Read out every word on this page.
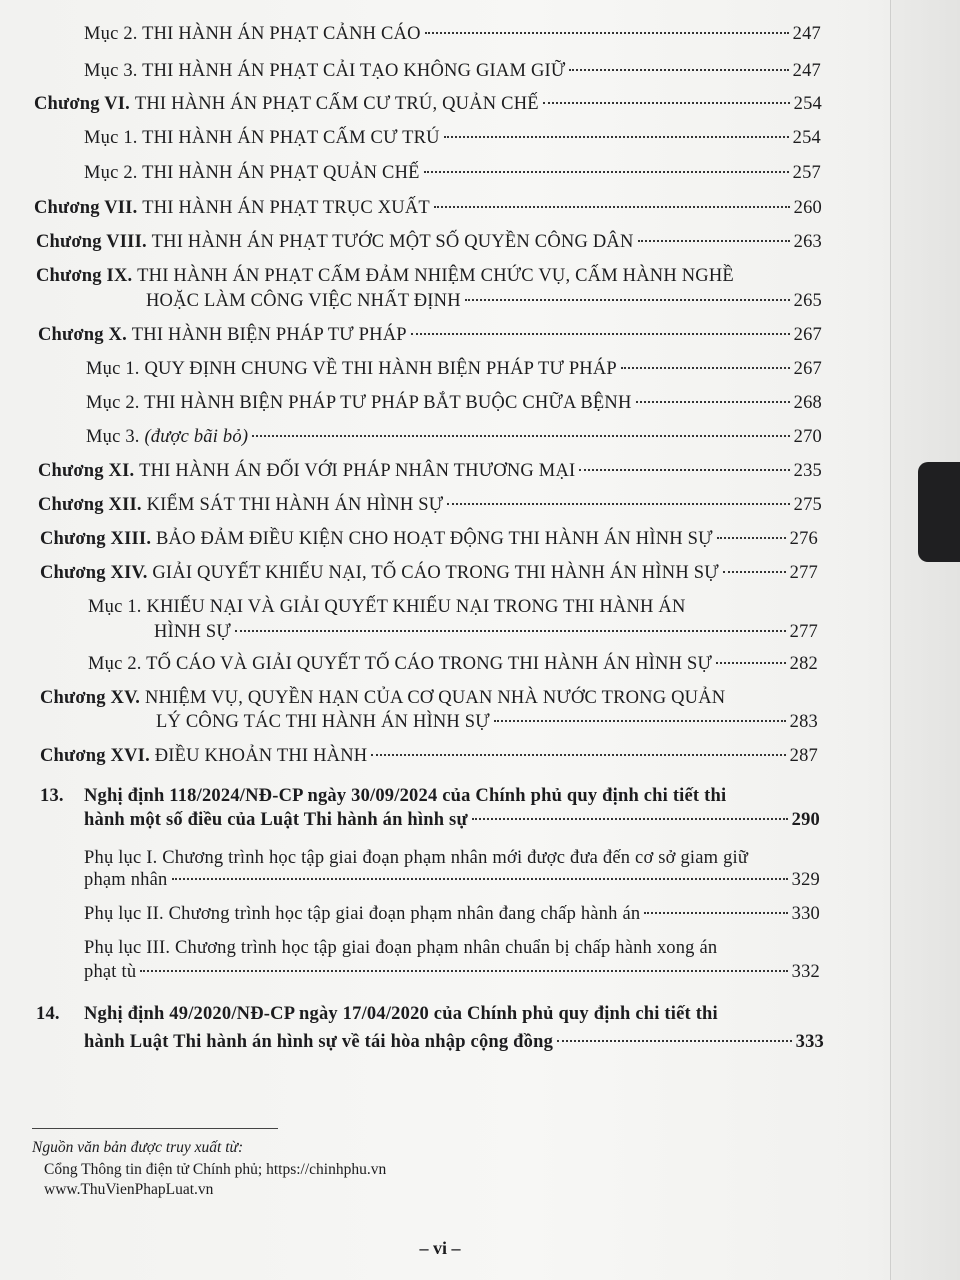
Mục 2. THI HÀNH ÁN PHẠT CẢNH CÁO	247
Mục 3. THI HÀNH ÁN PHẠT CẢI TẠO KHÔNG GIAM GIỮ	247
Chương VI. THI HÀNH ÁN PHẠT CẤM CƯ TRÚ, QUẢN CHẾ	254
Mục 1. THI HÀNH ÁN PHẠT CẤM CƯ TRÚ	254
Mục 2. THI HÀNH ÁN PHẠT QUẢN CHẾ	257
Chương VII. THI HÀNH ÁN PHẠT TRỤC XUẤT	260
Chương VIII. THI HÀNH ÁN PHẠT TƯỚC MỘT SỐ QUYỀN CÔNG DÂN	263
Chương IX. THI HÀNH ÁN PHẠT CẤM ĐẢM NHIỆM CHỨC VỤ, CẤM HÀNH NGHỀ
HOẶC LÀM CÔNG VIỆC NHẤT ĐỊNH	265
Chương X. THI HÀNH BIỆN PHÁP TƯ PHÁP	267
Mục 1. QUY ĐỊNH CHUNG VỀ THI HÀNH BIỆN PHÁP TƯ PHÁP	267
Mục 2. THI HÀNH BIỆN PHÁP TƯ PHÁP BẮT BUỘC CHỮA BỆNH	268
Mục 3. (được bãi bỏ)	270
Chương XI. THI HÀNH ÁN ĐỐI VỚI PHÁP NHÂN THƯƠNG MẠI	235
Chương XII. KIỂM SÁT THI HÀNH ÁN HÌNH SỰ	275
Chương XIII. BẢO ĐẢM ĐIỀU KIỆN CHO HOẠT ĐỘNG THI HÀNH ÁN HÌNH SỰ	276
Chương XIV. GIẢI QUYẾT KHIẾU NẠI, TỐ CÁO TRONG THI HÀNH ÁN HÌNH SỰ	277
Mục 1. KHIẾU NẠI VÀ GIẢI QUYẾT KHIẾU NẠI TRONG THI HÀNH ÁN
HÌNH SỰ	277
Mục 2. TỐ CÁO VÀ GIẢI QUYẾT TỐ CÁO TRONG THI HÀNH ÁN HÌNH SỰ	282
Chương XV. NHIỆM VỤ, QUYỀN HẠN CỦA CƠ QUAN NHÀ NƯỚC TRONG QUẢN
LÝ CÔNG TÁC THI HÀNH ÁN HÌNH SỰ	283
Chương XVI. ĐIỀU KHOẢN THI HÀNH	287
13. Nghị định 118/2024/NĐ-CP ngày 30/09/2024 của Chính phủ quy định chi tiết thi
hành một số điều của Luật Thi hành án hình sự	290
Phụ lục I. Chương trình học tập giai đoạn phạm nhân mới được đưa đến cơ sở giam giữ
phạm nhân	329
Phụ lục II. Chương trình học tập giai đoạn phạm nhân đang chấp hành án	330
Phụ lục III. Chương trình học tập giai đoạn phạm nhân chuẩn bị chấp hành xong án
phạt tù	332
14. Nghị định 49/2020/NĐ-CP ngày 17/04/2020 của Chính phủ quy định chi tiết thi
hành Luật Thi hành án hình sự về tái hòa nhập cộng đồng	333
Nguồn văn bản được truy xuất từ:
Cổng Thông tin điện tử Chính phủ; https://chinhphu.vn
www.ThuVienPhapLuat.vn
– vi –
